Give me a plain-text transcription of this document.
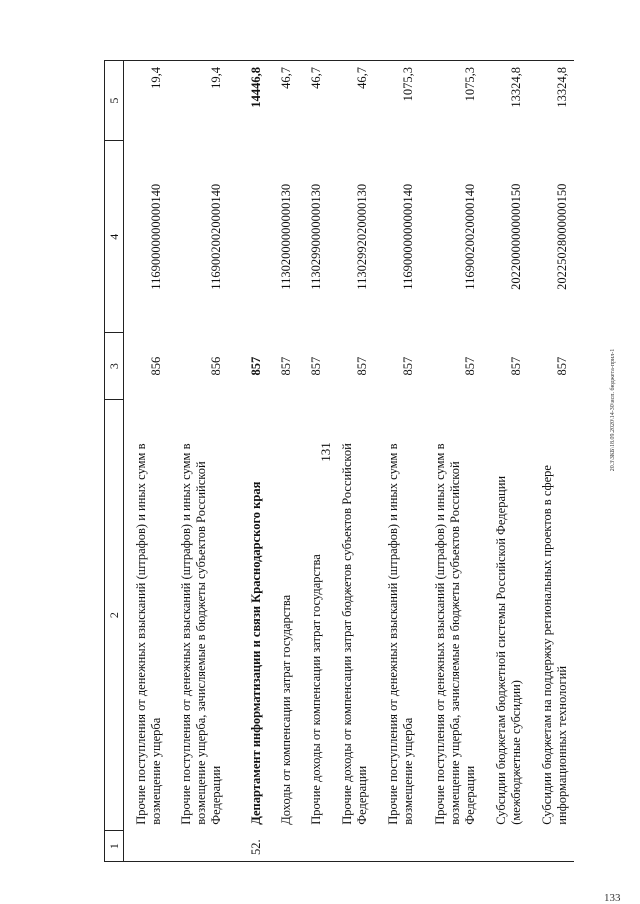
131	20.3\ЗКБ\18.09.2020\14-30\исп. бюджета-прил-1
133
1	2	3	4	5
	Прочие поступления от денежных взысканий (штрафов) и иных сумм в возмещение ущерба	856	11690000000000140	19,4
	Прочие поступления от денежных взысканий (штрафов) и иных сумм в возмещение ущерба, зачисляемые в бюджеты субъектов Российской Федерации	856	11690020020000140	19,4
52.	Департамент информатизации и связи Краснодарского края	857		14446,8
	Доходы от компенсации затрат государства	857	11302000000000130	46,7
	Прочие доходы от компенсации затрат государства	857	11302990000000130	46,7
	Прочие доходы от компенсации затрат бюджетов субъектов Российской Федерации	857	11302992020000130	46,7
	Прочие поступления от денежных взысканий (штрафов) и иных сумм в возмещение ущерба	857	11690000000000140	1075,3
	Прочие поступления от денежных взысканий (штрафов) и иных сумм в возмещение ущерба, зачисляемые в бюджеты субъектов Российской Федерации	857	11690020020000140	1075,3
	Субсидии бюджетам бюджетной системы Российской Федерации (межбюджетные субсидии)	857	20220000000000150	13324,8
	Субсидии бюджетам на поддержку региональных проектов в сфере информационных технологий	857	20225028000000150	13324,8
